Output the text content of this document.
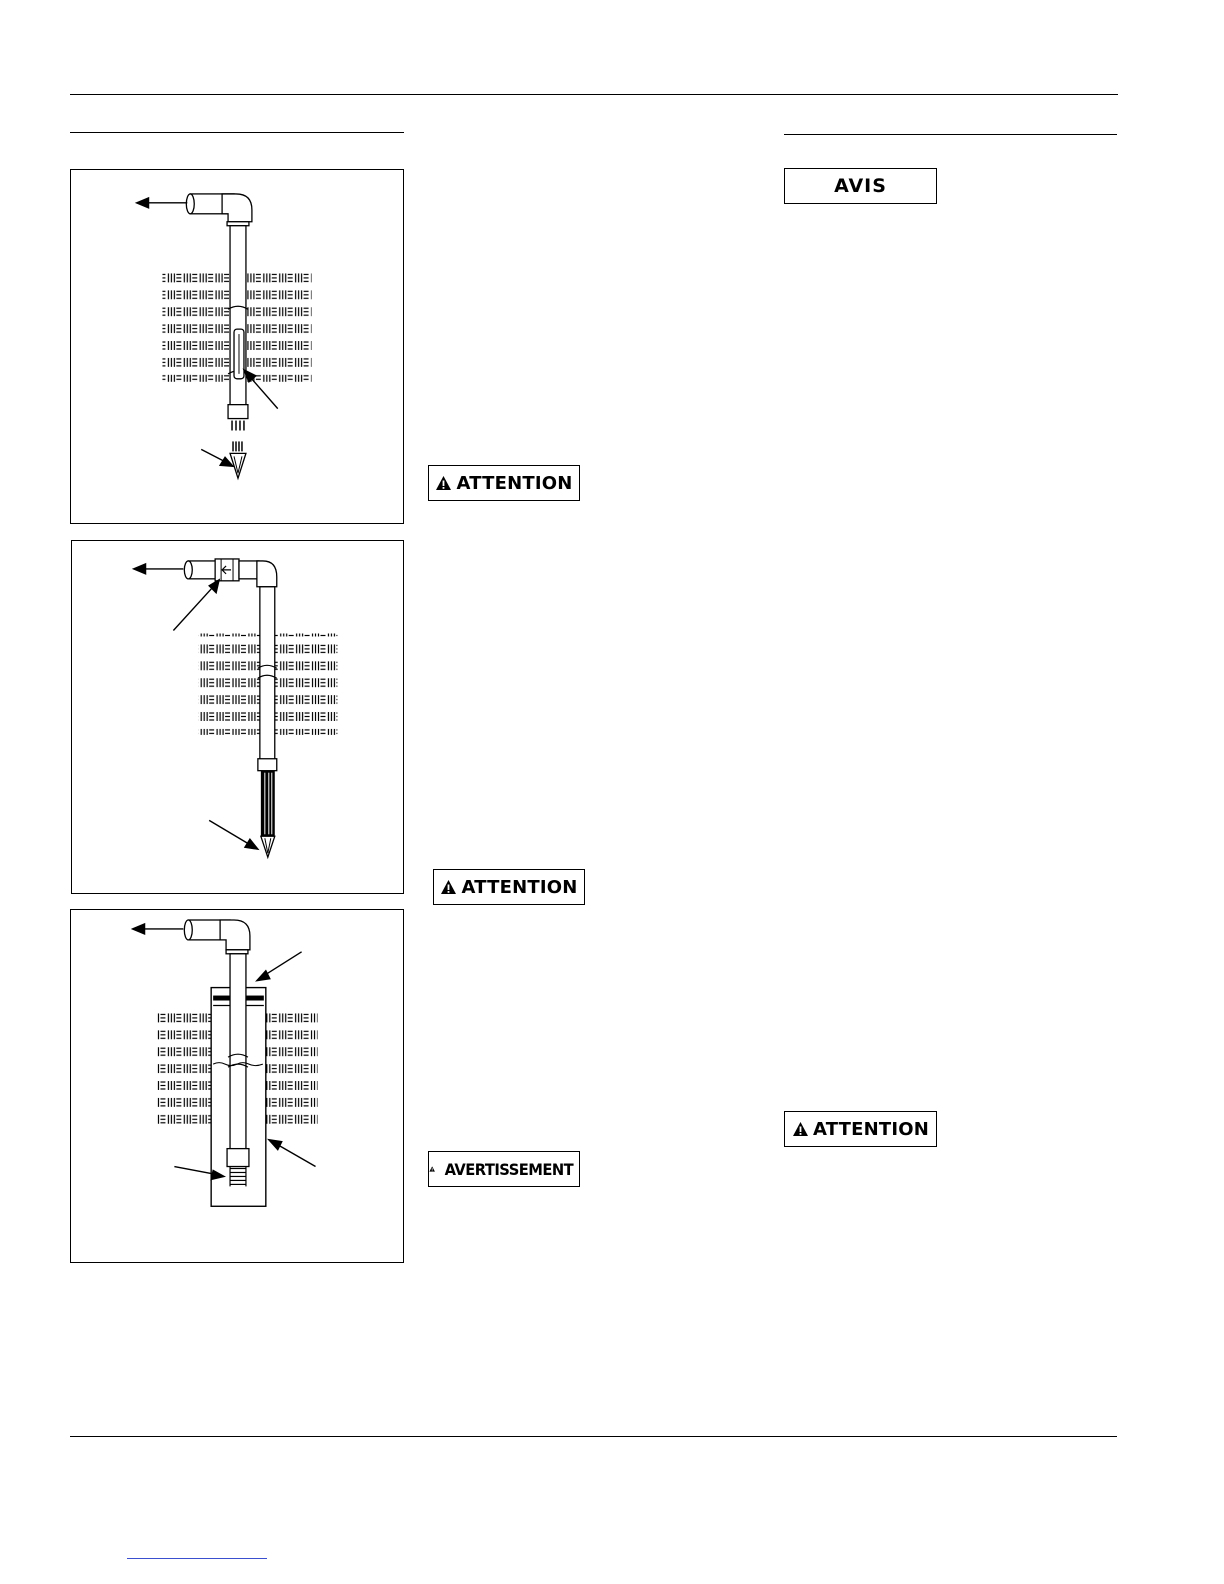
AVIS
ATTENTION
ATTENTION
AVERTISSEMENT
ATTENTION
